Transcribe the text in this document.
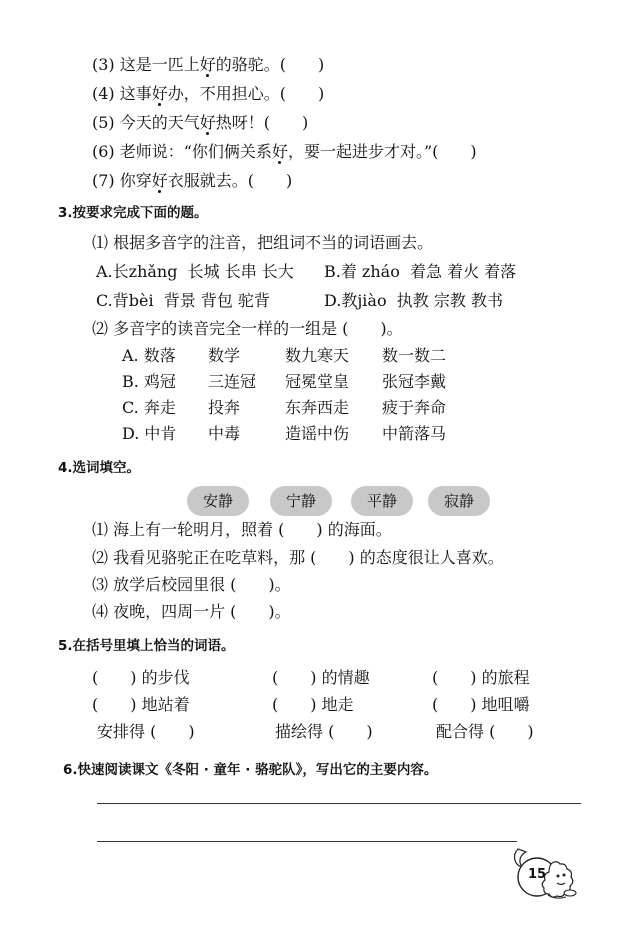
(3) 这是一匹上好的骆驼。(　　)
(4) 这事好办，不用担心。(　　)
(5) 今天的天气好热呀！(　　)
(6) 老师说：“你们俩关系好，要一起进步才对。”(　　)
(7) 你穿好衣服就去。(　　)
3.按要求完成下面的题。
⑴ 根据多音字的注音，把组词不当的词语画去。
A.长zhǎng  长城 长串 长大 B.着 zháo  着急 着火 着落
C.背bèi  背景 背包 驼背	D.教jiào  执教 宗教 教书
⑵ 多音字的读音完全一样的一组是 (　　)。
A. 数落 数学	数九寒天 数一数二
B. 鸡冠 三连冠 冠冕堂皇 张冠李戴
C. 奔走 投奔	东奔西走 疲于奔命
D. 中肯 中毒	造谣中伤 中箭落马
4.选词填空。
安静	宁静	平静	寂静
⑴ 海上有一轮明月，照着 (　　) 的海面。
⑵ 我看见骆驼正在吃草料，那 (　　) 的态度很让人喜欢。
⑶ 放学后校园里很 (　　)。
⑷ 夜晚，四周一片 (　　)。
5.在括号里填上恰当的词语。
(　　) 的步伐	(　　) 的情趣	(　　) 的旅程
(　　) 地站着	(　　) 地走	(　　) 地咀嚼
安排得 (　　)	描绘得 (　　)	配合得 (　　)
6.快速阅读课文《冬阳 · 童年 · 骆驼队》，写出它的主要内容。
15
